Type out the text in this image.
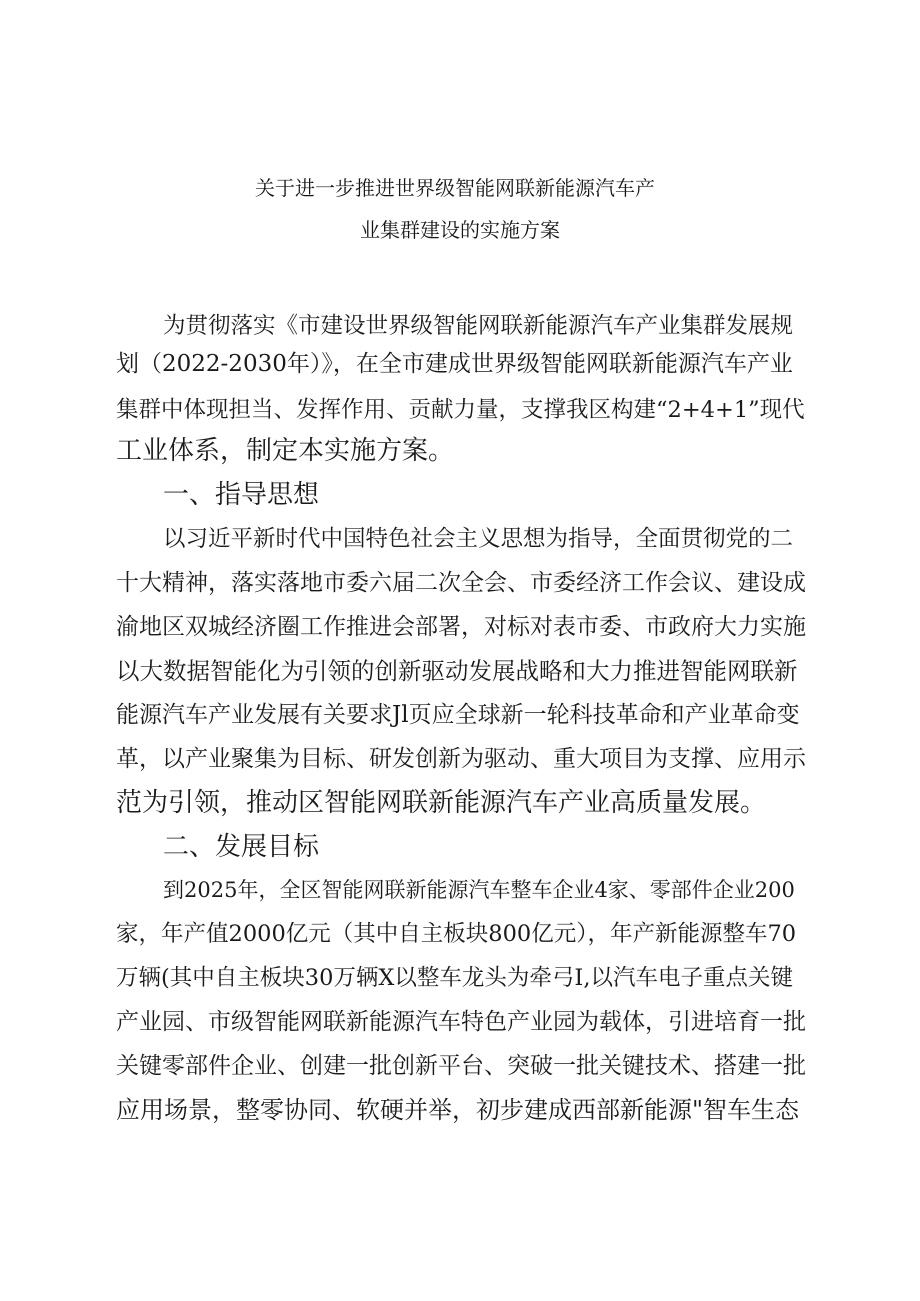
关于进一步推进世界级智能网联新能源汽车产
业集群建设的实施方案
为贯彻落实《市建设世界级智能网联新能源汽车产业集群发展规
划（2022-2030年）》，在全市建成世界级智能网联新能源汽车产业
集群中体现担当、发挥作用、贡献力量，支撑我区构建“2+4+1”现代
工业体系，制定本实施方案。
一、指导思想
以习近平新时代中国特色社会主义思想为指导，全面贯彻党的二
十大精神，落实落地市委六届二次全会、市委经济工作会议、建设成
渝地区双城经济圈工作推进会部署，对标对表市委、市政府大力实施
以大数据智能化为引领的创新驱动发展战略和大力推进智能网联新
能源汽车产业发展有关要求Jl页应全球新一轮科技革命和产业革命变
革，以产业聚集为目标、研发创新为驱动、重大项目为支撑、应用示
范为引领，推动区智能网联新能源汽车产业高质量发展。
二、发展目标
到2025年，全区智能网联新能源汽车整车企业4家、零部件企业200
家，年产值2000亿元（其中自主板块800亿元），年产新能源整车70
万辆(其中自主板块30万辆X以整车龙头为牵弓I,以汽车电子重点关键
产业园、市级智能网联新能源汽车特色产业园为载体，引进培育一批
关键零部件企业、创建一批创新平台、突破一批关键技术、搭建一批
应用场景，整零协同、软硬并举，初步建成西部新能源"智车生态
